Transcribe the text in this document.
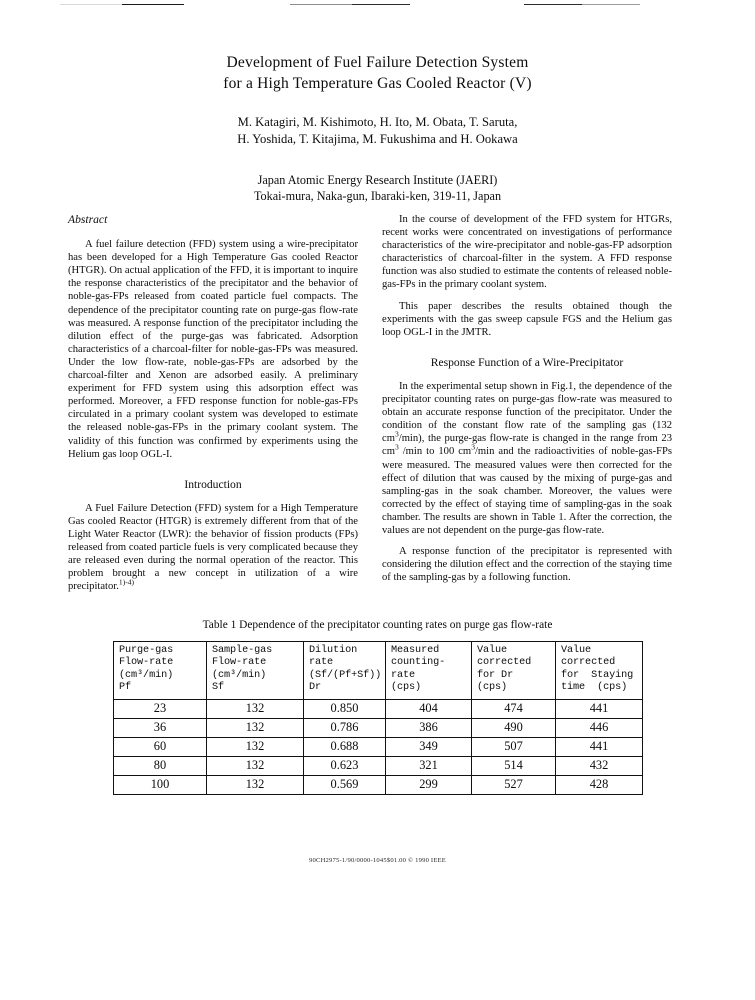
Development of Fuel Failure Detection System
for a High Temperature Gas Cooled Reactor (V)
M. Katagiri, M. Kishimoto, H. Ito, M. Obata, T. Saruta,
H. Yoshida, T. Kitajima, M. Fukushima and H. Ookawa
Japan Atomic Energy Research Institute (JAERI)
Tokai-mura, Naka-gun, Ibaraki-ken, 319-11, Japan
Abstract

A fuel failure detection (FFD) system using a wire-precipitator has been developed for a High Temperature Gas cooled Reactor (HTGR). On actual application of the FFD, it is important to inquire the response characteristics of the precipitator and the behavior of noble-gas-FPs released from coated particle fuel compacts. The dependence of the precipitator counting rate on purge-gas flow-rate was measured. A response function of the precipitator including the dilution effect of the purge-gas was fabricated. Adsorption characteristics of a charcoal-filter for noble-gas-FPs was measured. Under the low flow-rate, noble-gas-FPs are adsorbed by the charcoal-filter and Xenon are adsorbed easily. A preliminary experiment for FFD system using this adsorption effect was performed. Moreover, a FFD response function for noble-gas-FPs circulated in a primary coolant system was developed to estimate the released noble-gas-FPs in the primary coolant system. The validity of this function was confirmed by experiments using the Helium gas loop OGL-I.

Introduction

A Fuel Failure Detection (FFD) system for a High Temperature Gas cooled Reactor (HTGR) is extremely different from that of the Light Water Reactor (LWR): the behavior of fission products (FPs) released from coated particle fuels is very complicated because they are released even during the normal operation of the reactor. This problem brought a new concept in utilization of a wire precipitator.$^{1)-4)}$

In the course of development of the FFD system for HTGRs, recent works were concentrated on investigations of performance characteristics of the wire-precipitator and noble-gas-FP adsorption characteristics of charcoal-filter in the system. A FFD response function was also studied to estimate the contents of released noble-gas-FPs in the primary coolant system.

This paper describes the results obtained though the experiments with the gas sweep capsule FGS and the Helium gas loop OGL-I in the JMTR.

Response Function of a Wire-Precipitator

In the experimental setup shown in Fig.1, the dependence of the precipitator counting rates on purge-gas flow-rate was measured to obtain an accurate response function of the precipitator. Under the condition of the constant flow rate of the sampling gas (132 $cm^3/\min$), the purge-gas flow-rate is changed in the range from 23 $cm^3$ /min to 100 $cm^3/\min$ and the radioactivities of noble-gas-FPs were measured. The measured values were then corrected for the effect of dilution that was caused by the mixing of purge-gas and sampling-gas in the soak chamber. Moreover, the values were corrected by the effect of staying time of sampling-gas in the soak chamber. The results are shown in Table 1. After the correction, the values are not dependent on the purge-gas flow-rate.

A response function of the precipitator is represented with considering the dilution effect and the correction of the staying time of the sampling-gas by a following function.

Table 1 Dependence of the precipitator counting rates on purge gas flow-rate
Purge-gas
Flow-rate
(cm³/min)
Pf	Sample-gas
Flow-rate
(cm³/min)
Sf	Dilution
rate
(Sf/(Pf+Sf))
Dr	Measured
counting-
rate
(cps)	Value
corrected
for Dr
(cps)	Value
corrected
for  Staying
time  (cps)

23	132	0.850	404	474	441
36	132	0.786	386	490	446
60	132	0.688	349	507	441
80	132	0.623	321	514	432
100	132	0.569	299	527	428
90CH2975-1/90/0000-1045$01.00 © 1990 IEEE
